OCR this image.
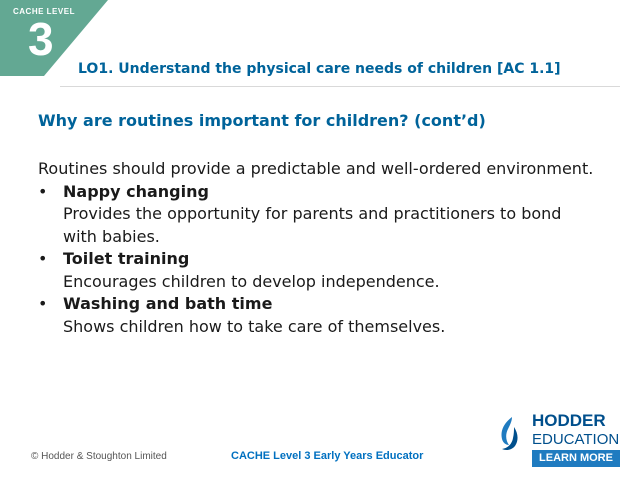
CACHE LEVEL
3
LO1. Understand the physical care needs of children [AC 1.1]
Why are routines important for children? (cont’d)
Routines should provide a predictable and well-ordered environment.
• Nappy changing
Provides the opportunity for parents and practitioners to bond with babies.
• Toilet training
Encourages children to develop independence.
• Washing and bath time
Shows children how to take care of themselves.
© Hodder & Stoughton Limited	CACHE Level 3 Early Years Educator
HODDER
EDUCATION
LEARN MORE
